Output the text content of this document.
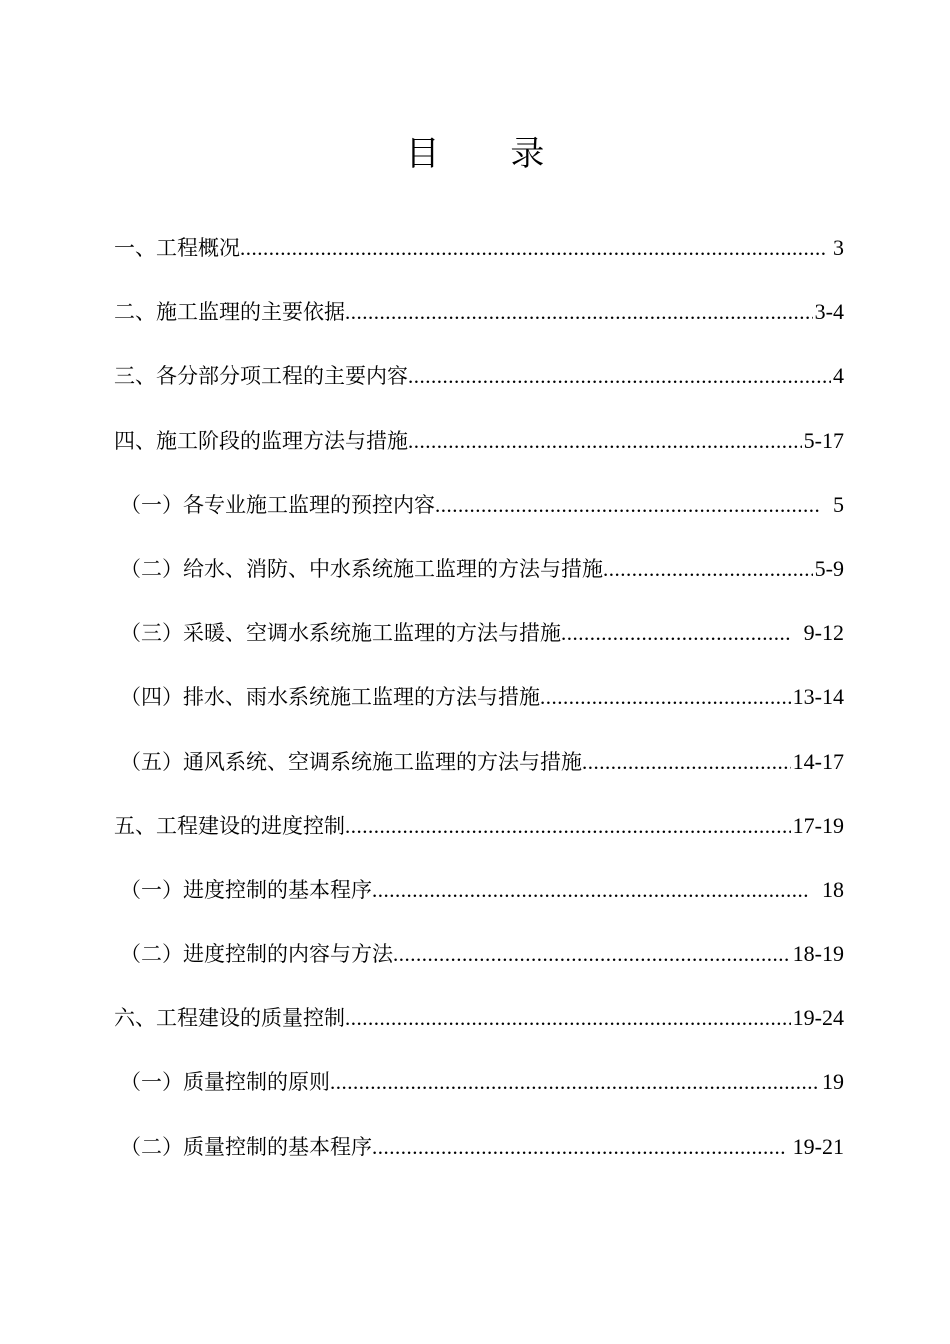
目 录
一、工程概况 .....	3
二、施工监理的主要依据 .....	3-4
三、各分部分项工程的主要内容 .....	4
四、施工阶段的监理方法与措施 .....	5-17
（一）各专业施工监理的预控内容 .....	5
（二）给水、消防、中水系统施工监理的方法与措施 .....	5-9
（三）采暖、空调水系统施工监理的方法与措施 .....	9-12
（四）排水、雨水系统施工监理的方法与措施 .....	13-14
（五）通风系统、空调系统施工监理的方法与措施 .....	14-17
五、工程建设的进度控制 .....	17-19
（一）进度控制的基本程序 .....	18
（二）进度控制的内容与方法 .....	18-19
六、工程建设的质量控制 .....	19-24
（一）质量控制的原则 .....	19
（二）质量控制的基本程序 .....	19-21
